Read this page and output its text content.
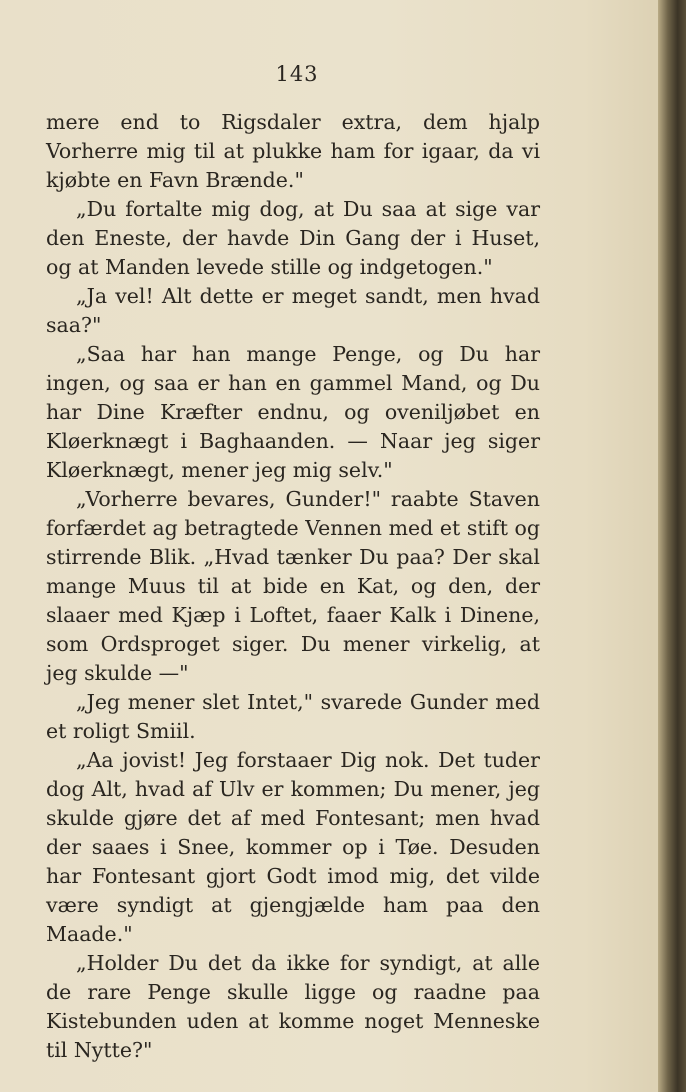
143

mere end to Rigsdaler extra, dem hjalp Vorherre mig til at plukke ham for igaar, da vi kjøbte en Favn Brænde."

„Du fortalte mig dog, at Du saa at sige var den Eneste, der havde Din Gang der i Huset, og at Manden levede stille og indgetogen."

„Ja vel! Alt dette er meget sandt, men hvad saa?"

„Saa har han mange Penge, og Du har ingen, og saa er han en gammel Mand, og Du har Dine Kræfter endnu, og oveniljøbet en Kløerknægt i Baghaanden. — Naar jeg siger Kløerknægt, mener jeg mig selv."

„Vorherre bevares, Gunder!" raabte Staven forfærdet ag betragtede Vennen med et stift og stirrende Blik. „Hvad tænker Du paa? Der skal mange Muus til at bide en Kat, og den, der slaaer med Kjæp i Loftet, faaer Kalk i Dinene, som Ordsproget siger. Du mener virkelig, at jeg skulde —"

„Jeg mener slet Intet," svarede Gunder med et roligt Smiil.

„Aa jovist! Jeg forstaaer Dig nok. Det tuder dog Alt, hvad af Ulv er kommen; Du mener, jeg skulde gjøre det af med Fontesant; men hvad der saaes i Snee, kommer op i Tøe. Desuden har Fontesant gjort Godt imod mig, det vilde være syndigt at gjengjælde ham paa den Maade."

„Holder Du det da ikke for syndigt, at alle de rare Penge skulle ligge og raadne paa Kistebunden uden at komme noget Menneske til Nytte?"
